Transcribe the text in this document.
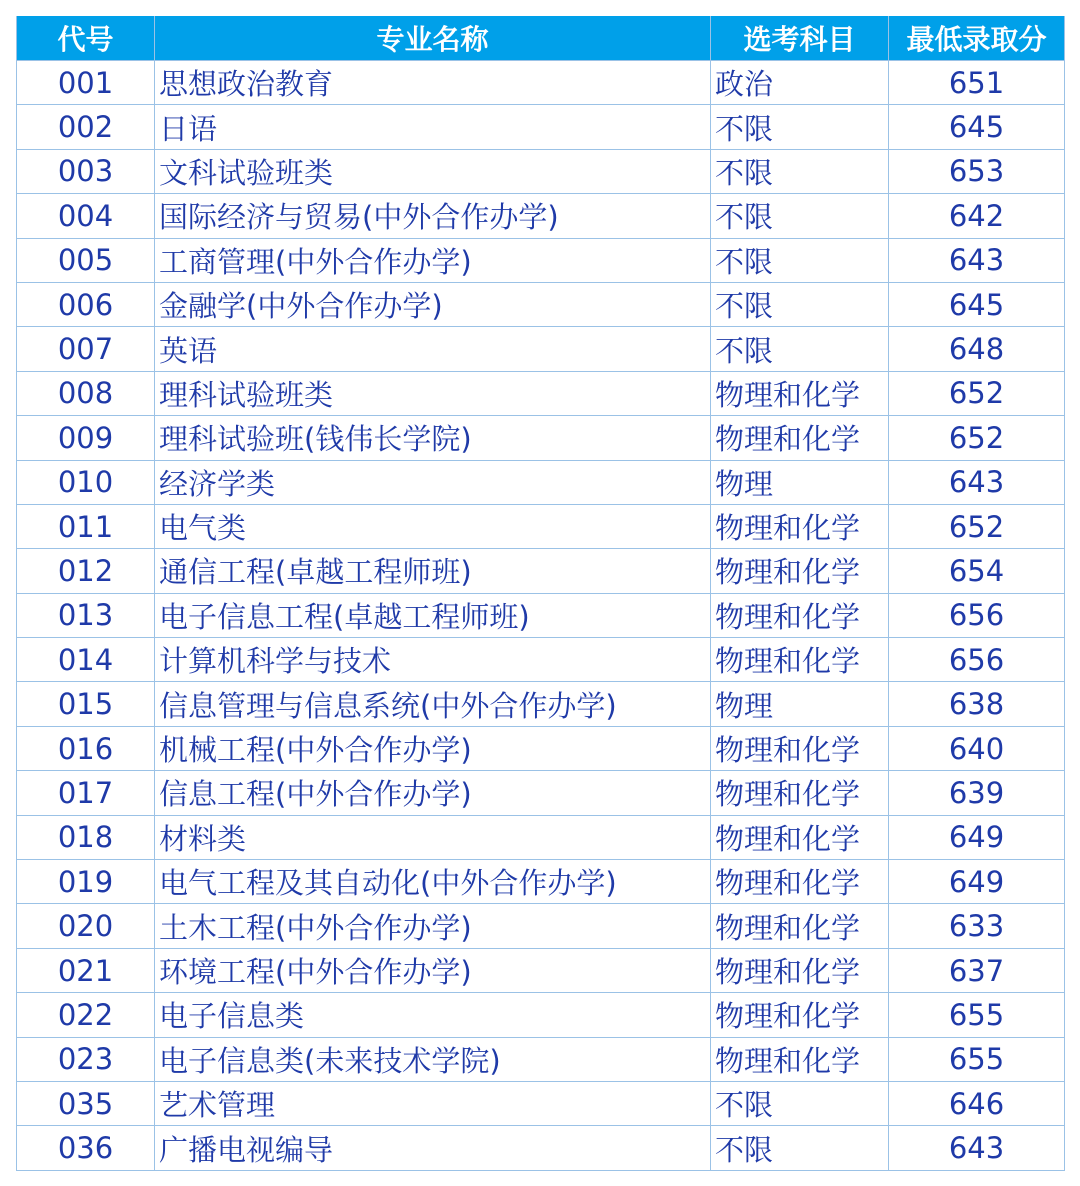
代号	专业名称	选考科目	最低录取分
001	思想政治教育	政治	651
002	日语	不限	645
003	文科试验班类	不限	653
004	国际经济与贸易(中外合作办学)	不限	642
005	工商管理(中外合作办学)	不限	643
006	金融学(中外合作办学)	不限	645
007	英语	不限	648
008	理科试验班类	物理和化学	652
009	理科试验班(钱伟长学院)	物理和化学	652
010	经济学类	物理	643
011	电气类	物理和化学	652
012	通信工程(卓越工程师班)	物理和化学	654
013	电子信息工程(卓越工程师班)	物理和化学	656
014	计算机科学与技术	物理和化学	656
015	信息管理与信息系统(中外合作办学)	物理	638
016	机械工程(中外合作办学)	物理和化学	640
017	信息工程(中外合作办学)	物理和化学	639
018	材料类	物理和化学	649
019	电气工程及其自动化(中外合作办学)	物理和化学	649
020	土木工程(中外合作办学)	物理和化学	633
021	环境工程(中外合作办学)	物理和化学	637
022	电子信息类	物理和化学	655
023	电子信息类(未来技术学院)	物理和化学	655
035	艺术管理	不限	646
036	广播电视编导	不限	643
